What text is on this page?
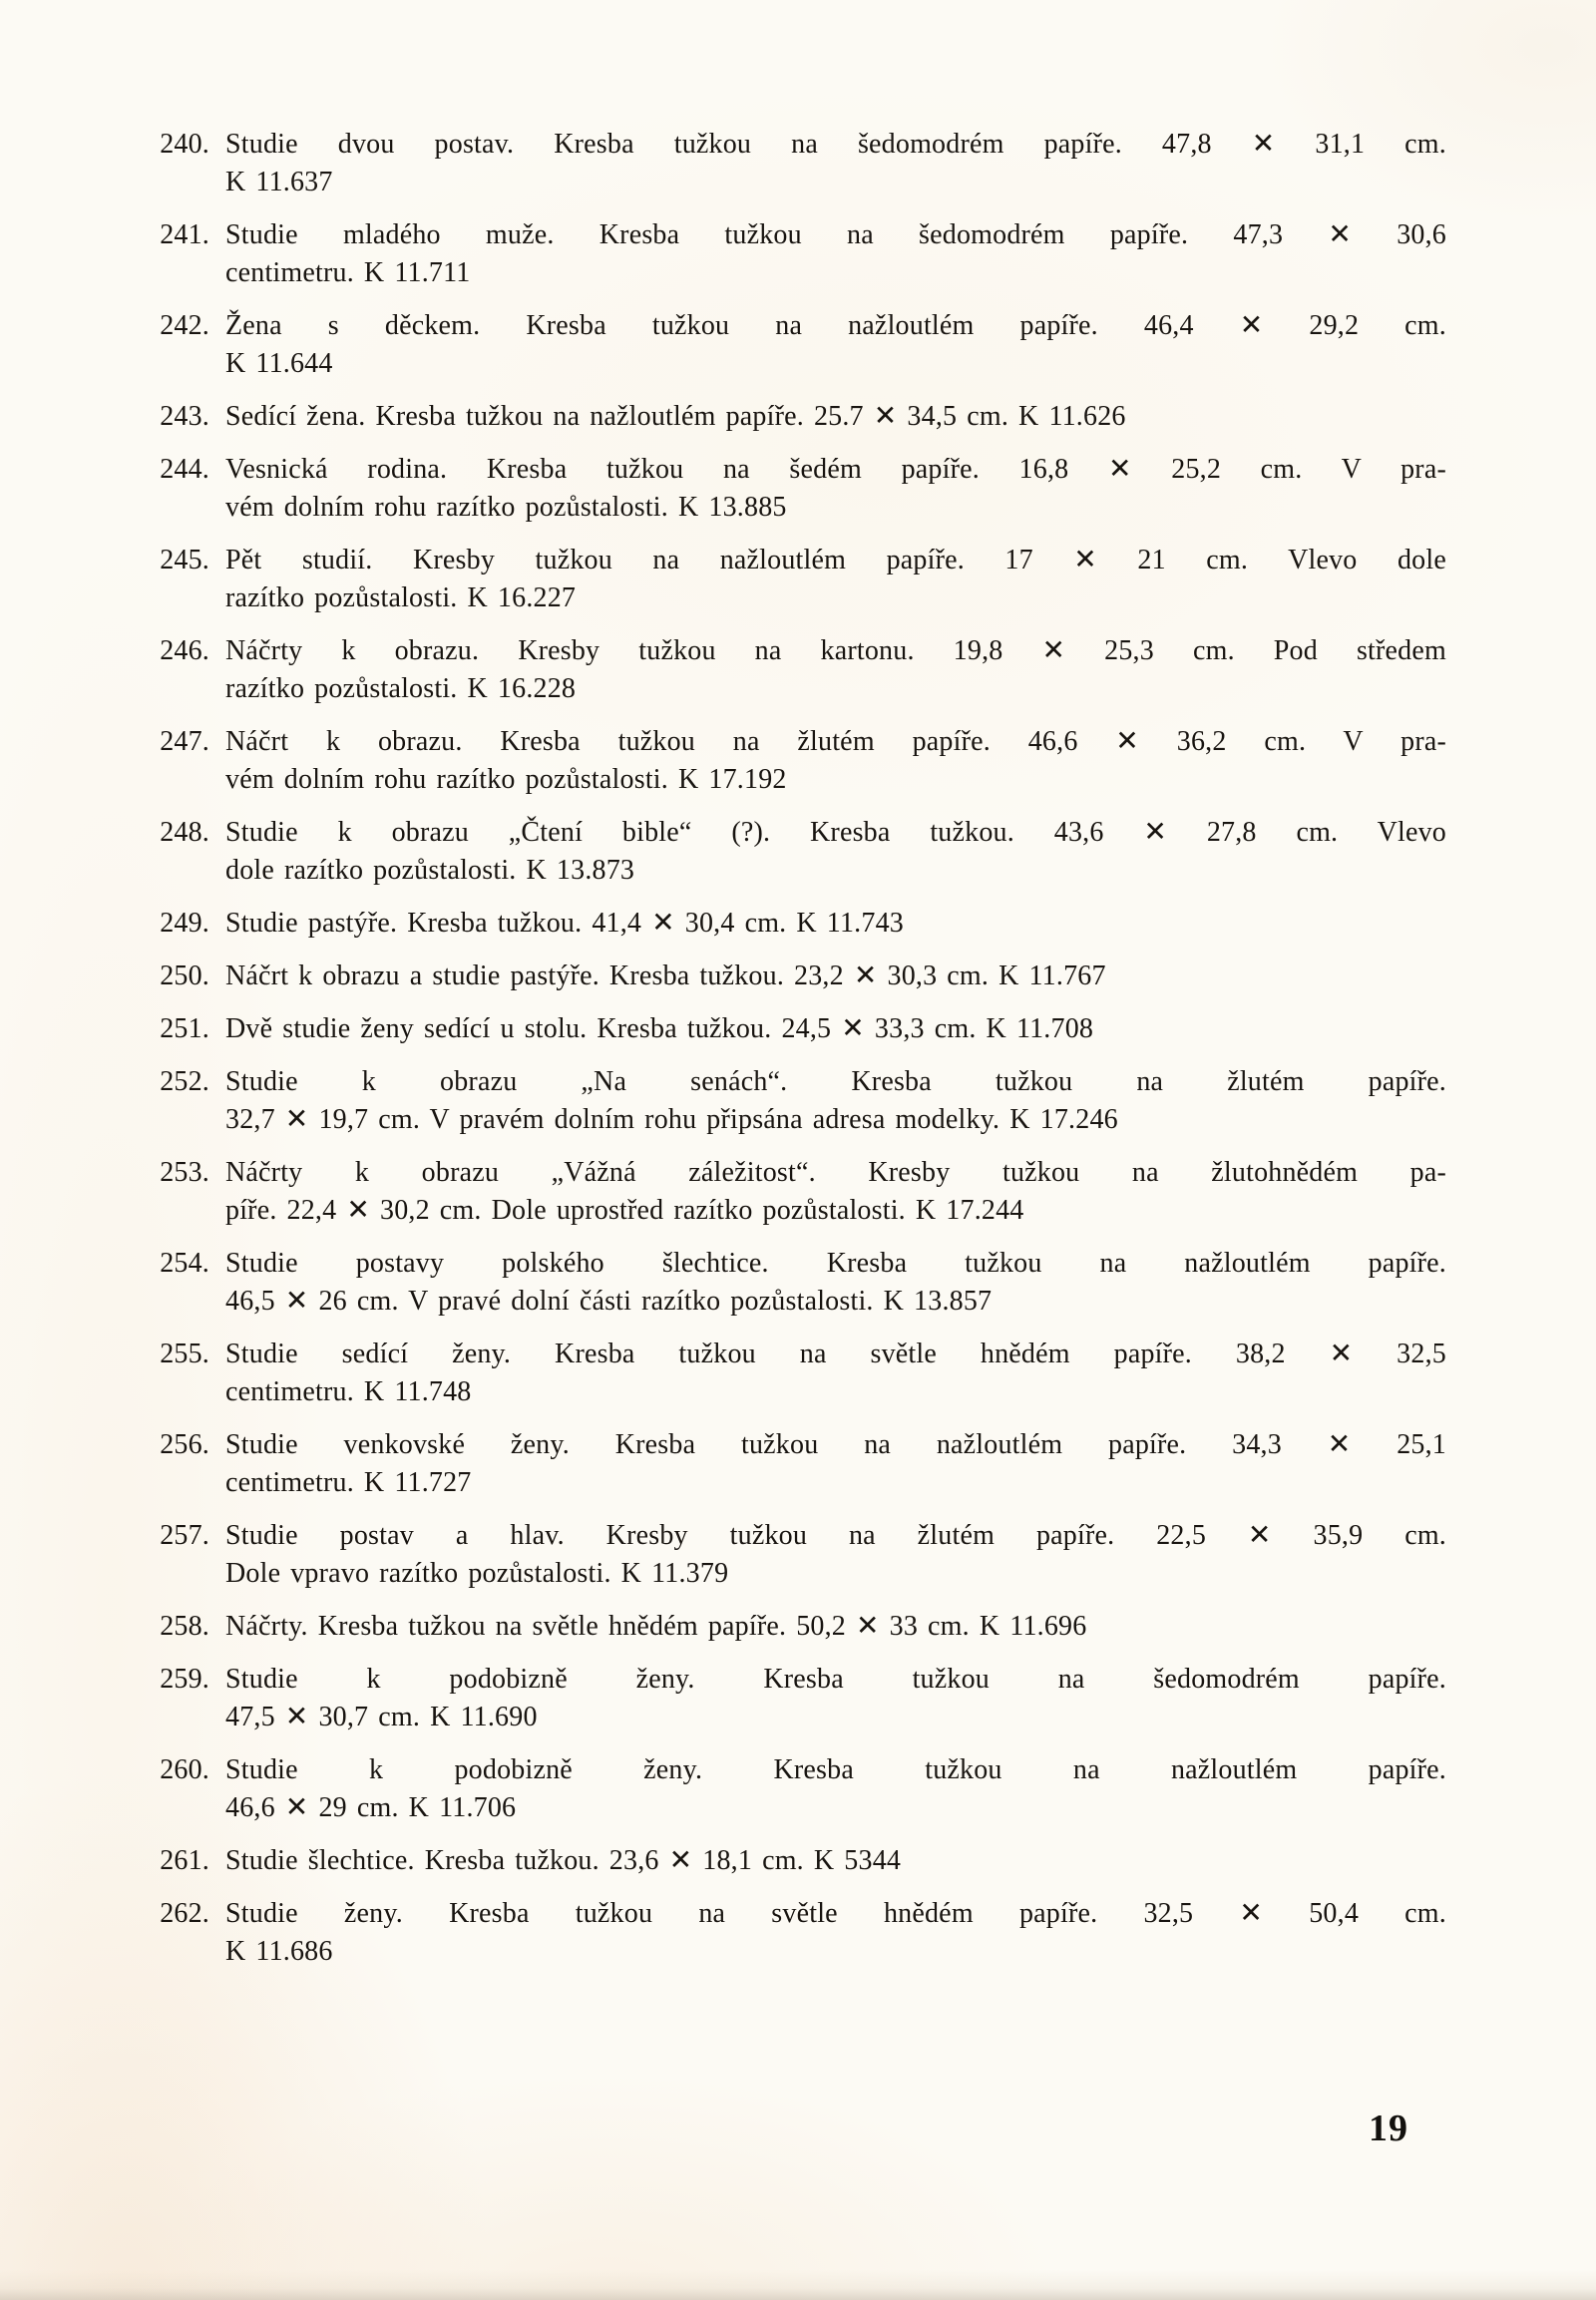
240. Studie dvou postav. Kresba tužkou na šedomodrém papíře. 47,8 ✕ 31,1 cm.
K 11.637
241. Studie mladého muže. Kresba tužkou na šedomodrém papíře. 47,3 ✕ 30,6
centimetru. K 11.711
242. Žena s děckem. Kresba tužkou na nažloutlém papíře. 46,4 ✕ 29,2 cm.
K 11.644
243. Sedící žena. Kresba tužkou na nažloutlém papíře. 25.7 ✕ 34,5 cm. K 11.626
244. Vesnická rodina. Kresba tužkou na šedém papíře. 16,8 ✕ 25,2 cm. V pra-
vém dolním rohu razítko pozůstalosti. K 13.885
245. Pět studií. Kresby tužkou na nažloutlém papíře. 17 ✕ 21 cm. Vlevo dole
razítko pozůstalosti. K 16.227
246. Náčrty k obrazu. Kresby tužkou na kartonu. 19,8 ✕ 25,3 cm. Pod středem
razítko pozůstalosti. K 16.228
247. Náčrt k obrazu. Kresba tužkou na žlutém papíře. 46,6 ✕ 36,2 cm. V pra-
vém dolním rohu razítko pozůstalosti. K 17.192
248. Studie k obrazu „Čtení bible“ (?). Kresba tužkou. 43,6 ✕ 27,8 cm. Vlevo
dole razítko pozůstalosti. K 13.873
249. Studie pastýře. Kresba tužkou. 41,4 ✕ 30,4 cm. K 11.743
250. Náčrt k obrazu a studie pastýře. Kresba tužkou. 23,2 ✕ 30,3 cm. K 11.767
251. Dvě studie ženy sedící u stolu. Kresba tužkou. 24,5 ✕ 33,3 cm. K 11.708
252. Studie k obrazu „Na senách“. Kresba tužkou na žlutém papíře.
32,7 ✕ 19,7 cm. V pravém dolním rohu připsána adresa modelky. K 17.246
253. Náčrty k obrazu „Vážná záležitost“. Kresby tužkou na žlutohnědém pa-
píře. 22,4 ✕ 30,2 cm. Dole uprostřed razítko pozůstalosti. K 17.244
254. Studie postavy polského šlechtice. Kresba tužkou na nažloutlém papíře.
46,5 ✕ 26 cm. V pravé dolní části razítko pozůstalosti. K 13.857
255. Studie sedící ženy. Kresba tužkou na světle hnědém papíře. 38,2 ✕ 32,5
centimetru. K 11.748
256. Studie venkovské ženy. Kresba tužkou na nažloutlém papíře. 34,3 ✕ 25,1
centimetru. K 11.727
257. Studie postav a hlav. Kresby tužkou na žlutém papíře. 22,5 ✕ 35,9 cm.
Dole vpravo razítko pozůstalosti. K 11.379
258. Náčrty. Kresba tužkou na světle hnědém papíře. 50,2 ✕ 33 cm. K 11.696
259. Studie k podobizně ženy. Kresba tužkou na šedomodrém papíře.
47,5 ✕ 30,7 cm. K 11.690
260. Studie k podobizně ženy. Kresba tužkou na nažloutlém papíře.
46,6 ✕ 29 cm. K 11.706
261. Studie šlechtice. Kresba tužkou. 23,6 ✕ 18,1 cm. K 5344
262. Studie ženy. Kresba tužkou na světle hnědém papíře. 32,5 ✕ 50,4 cm.
K 11.686
19
